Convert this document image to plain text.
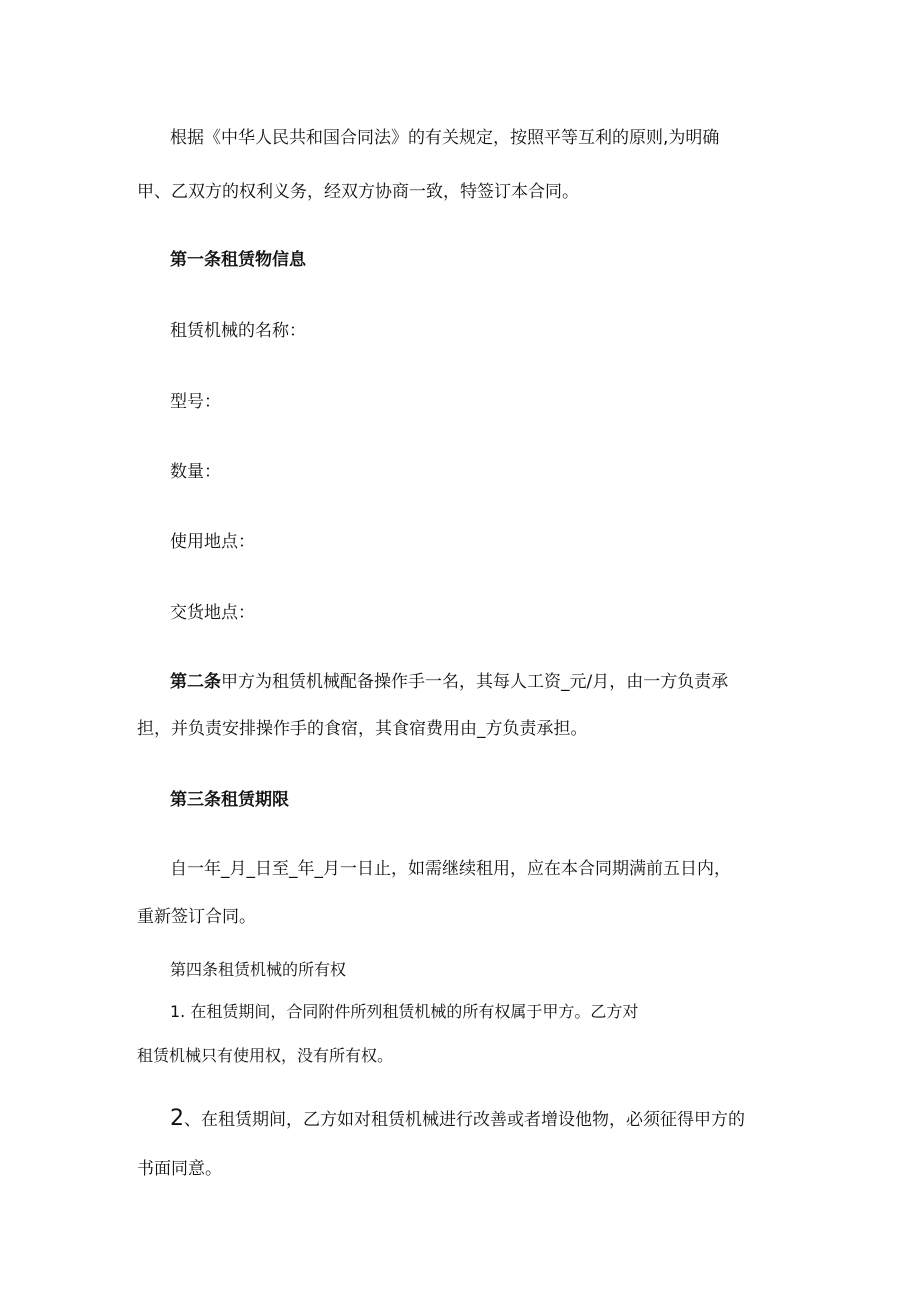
根据《中华人民共和国合同法》的有关规定，按照平等互利的原则,为明确
甲、乙双方的权利义务，经双方协商一致，特签订本合同。
第一条租赁物信息
租赁机械的名称：
型号：
数量：
使用地点：
交货地点：
第二条甲方为租赁机械配备操作手一名，其每人工资_元/月，由一方负责承
担，并负责安排操作手的食宿，其食宿费用由_方负责承担。
第三条租赁期限
自一年_月_日至_年_月一日止，如需继续租用，应在本合同期满前五日内，
重新签订合同。
第四条租赁机械的所有权
1. 在租赁期间，合同附件所列租赁机械的所有权属于甲方。乙方对
租赁机械只有使用权，没有所有权。
2、在租赁期间，乙方如对租赁机械进行改善或者增设他物，必须征得甲方的
书面同意。
